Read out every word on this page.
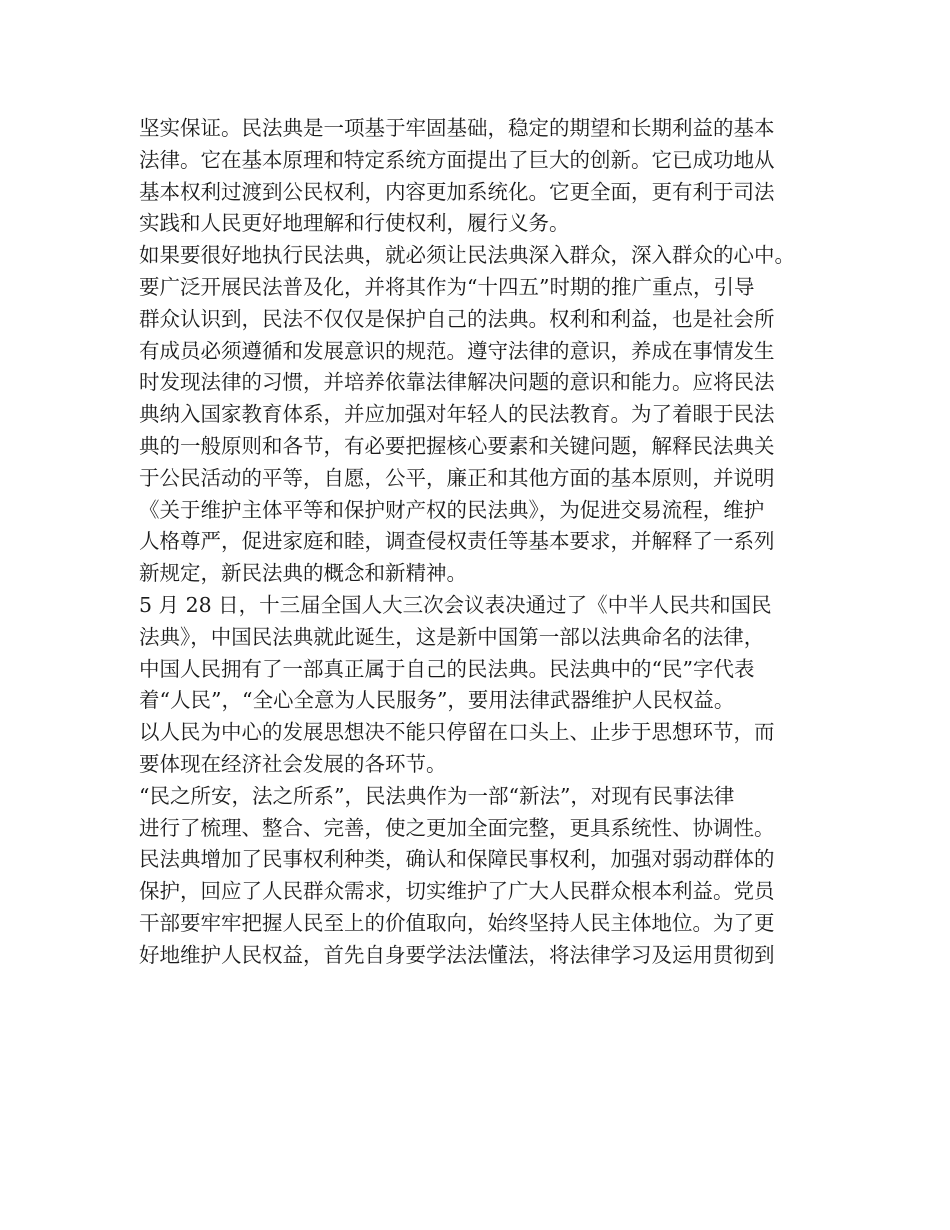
坚实保证。民法典是一项基于牢固基础，稳定的期望和长期利益的基本
法律。它在基本原理和特定系统方面提出了巨大的创新。它已成功地从
基本权利过渡到公民权利，内容更加系统化。它更全面，更有利于司法
实践和人民更好地理解和行使权利，履行义务。
如果要很好地执行民法典，就必须让民法典深入群众，深入群众的心中。
要广泛开展民法普及化，并将其作为“十四五”时期的推广重点，引导
群众认识到，民法不仅仅是保护自己的法典。权利和利益，也是社会所
有成员必须遵循和发展意识的规范。遵守法律的意识，养成在事情发生
时发现法律的习惯，并培养依靠法律解决问题的意识和能力。应将民法
典纳入国家教育体系，并应加强对年轻人的民法教育。为了着眼于民法
典的一般原则和各节，有必要把握核心要素和关键问题，解释民法典关
于公民活动的平等，自愿，公平，廉正和其他方面的基本原则，并说明
《关于维护主体平等和保护财产权的民法典》，为促进交易流程，维护
人格尊严，促进家庭和睦，调查侵权责任等基本要求，并解释了一系列
新规定，新民法典的概念和新精神。
5 月 28 日，十三届全国人大三次会议表决通过了《中半人民共和国民
法典》，中国民法典就此诞生，这是新中国第一部以法典命名的法律，
中国人民拥有了一部真正属于自己的民法典。民法典中的“民”字代表
着“人民”，“全心全意为人民服务”，要用法律武器维护人民权益。
以人民为中心的发展思想决不能只停留在口头上、止步于思想环节，而
要体现在经济社会发展的各环节。
“民之所安，法之所系”，民法典作为一部“新法”，对现有民事法律
进行了梳理、整合、完善，使之更加全面完整，更具系统性、协调性。
民法典增加了民事权利种类，确认和保障民事权利，加强对弱动群体的
保护，回应了人民群众需求，切实维护了广大人民群众根本利益。党员
干部要牢牢把握人民至上的价值取向，始终坚持人民主体地位。为了更
好地维护人民权益，首先自身要学法法懂法，将法律学习及运用贯彻到
